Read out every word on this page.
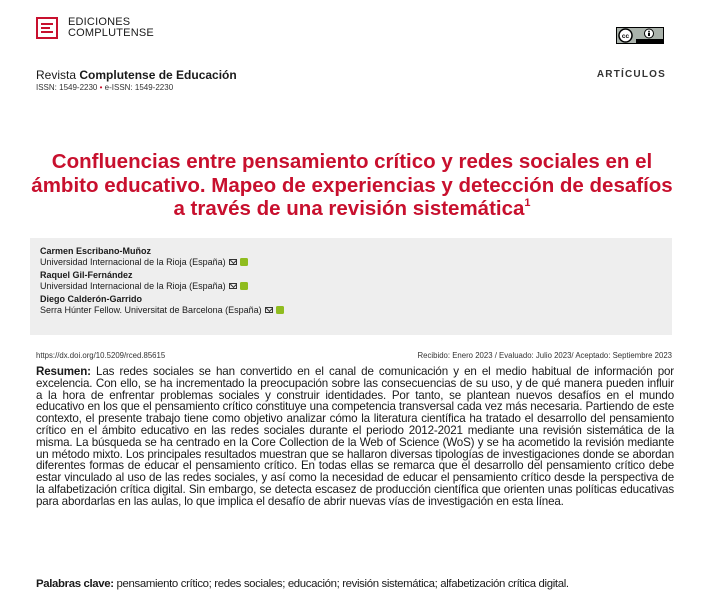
EDICIONES
COMPLUTENSE	cc
Revista Complutense de Educación
ISSN: 1549-2230 • e-ISSN: 1549-2230
ARTÍCULOS
Confluencias entre pensamiento crítico y redes sociales en el ámbito educativo. Mapeo de experiencias y detección de desafíos a través de una revisión sistemática$^1$
Carmen Escribano-Muñoz
Universidad Internacional de la Rioja (España)
Raquel Gil-Fernández
Universidad Internacional de la Rioja (España)
Diego Calderón-Garrido
Serra Húnter Fellow. Universitat de Barcelona (España)
https://dx.doi.org/10.5209/rced.85615	Recibido: Enero 2023 / Evaluado: Julio 2023/ Aceptado: Septiembre 2023

Resumen: Las redes sociales se han convertido en el canal de comunicación y en el medio habitual de información por excelencia. Con ello, se ha incrementado la preocupación sobre las consecuencias de su uso, y de qué manera pueden influir a la hora de enfrentar problemas sociales y construir identidades. Por tanto, se plantean nuevos desafíos en el mundo educativo en los que el pensamiento crítico constituye una competencia transversal cada vez más necesaria. Partiendo de este contexto, el presente trabajo tiene como objetivo analizar cómo la literatura científica ha tratado el desarrollo del pensamiento crítico en el ámbito educativo en las redes sociales durante el periodo 2012-2021 mediante una revisión sistemática de la misma. La búsqueda se ha centrado en la Core Collection de la Web of Science (WoS) y se ha acometido la revisión mediante un método mixto. Los principales resultados muestran que se hallaron diversas tipologías de investigaciones donde se abordan diferentes formas de educar el pensamiento crítico. En todas ellas se remarca que el desarrollo del pensamiento crítico debe estar vinculado al uso de las redes sociales, y así como la necesidad de educar el pensamiento crítico desde la perspectiva de la alfabetización crítica digital. Sin embargo, se detecta escasez de producción científica que orienten unas políticas educativas para abordarlas en las aulas, lo que implica el desafío de abrir nuevas vías de investigación en esta línea.

Palabras clave: pensamiento crítico; redes sociales; educación; revisión sistemática; alfabetización crítica digital.
